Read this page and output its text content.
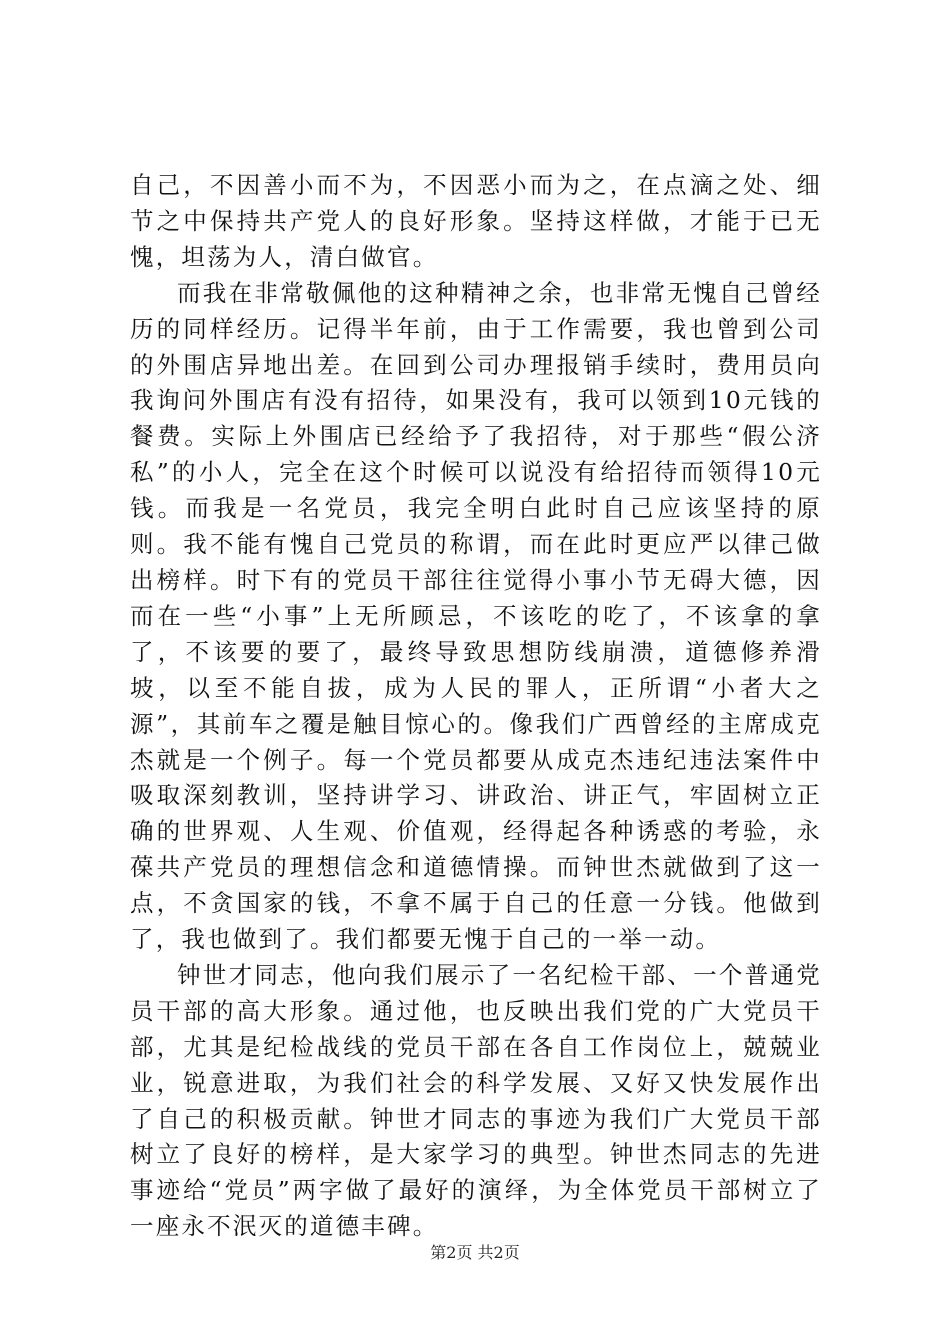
自己，不因善小而不为，不因恶小而为之，在点滴之处、细节之中保持共产党人的良好形象。坚持这样做，才能于已无愧，坦荡为人，清白做官。

而我在非常敬佩他的这种精神之余，也非常无愧自己曾经历的同样经历。记得半年前，由于工作需要，我也曾到公司的外围店异地出差。在回到公司办理报销手续时，费用员向我询问外围店有没有招待，如果没有，我可以领到10元钱的餐费。实际上外围店已经给予了我招待，对于那些“假公济私”的小人，完全在这个时候可以说没有给招待而领得10元钱。而我是一名党员，我完全明白此时自己应该坚持的原则。我不能有愧自己党员的称谓，而在此时更应严以律己做出榜样。时下有的党员干部往往觉得小事小节无碍大德，因而在一些“小事”上无所顾忌，不该吃的吃了，不该拿的拿了，不该要的要了，最终导致思想防线崩溃，道德修养滑坡，以至不能自拔，成为人民的罪人，正所谓“小者大之源”，其前车之覆是触目惊心的。像我们广西曾经的主席成克杰就是一个例子。每一个党员都要从成克杰违纪违法案件中吸取深刻教训，坚持讲学习、讲政治、讲正气，牢固树立正确的世界观、人生观、价值观，经得起各种诱惑的考验，永葆共产党员的理想信念和道德情操。而钟世杰就做到了这一点，不贪国家的钱，不拿不属于自己的任意一分钱。他做到了，我也做到了。我们都要无愧于自己的一举一动。

钟世才同志，他向我们展示了一名纪检干部、一个普通党员干部的高大形象。通过他，也反映出我们党的广大党员干部，尤其是纪检战线的党员干部在各自工作岗位上，兢兢业业，锐意进取，为我们社会的科学发展、又好又快发展作出了自己的积极贡献。钟世才同志的事迹为我们广大党员干部树立了良好的榜样，是大家学习的典型。钟世杰同志的先进事迹给“党员”两字做了最好的演绎，为全体党员干部树立了一座永不泯灭的道德丰碑。

第2页 共2页
